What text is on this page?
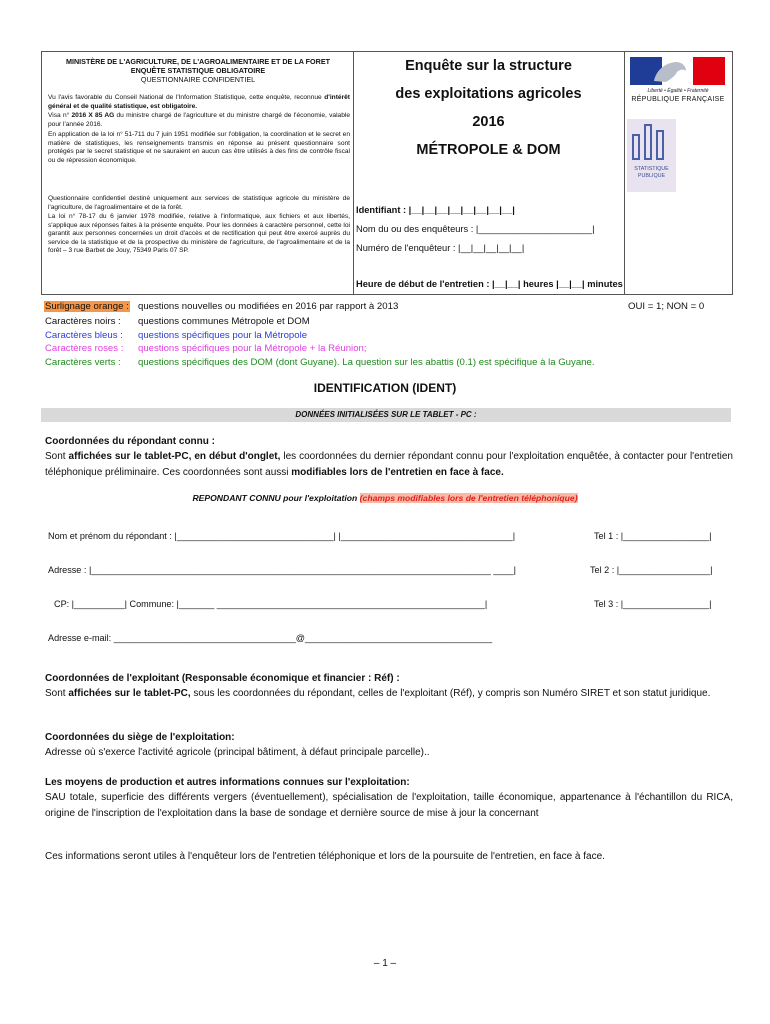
MINISTÈRE DE L'AGRICULTURE, DE L'AGROALIMENTAIRE ET DE LA FORET
ENQUÊTE STATISTIQUE OBLIGATOIRE
QUESTIONNAIRE CONFIDENTIEL
Vu l'avis favorable du Conseil National de l'Information Statistique, cette enquête, reconnue d'intérêt général et de qualité statistique, est obligatoire.
Visa n° 2016 X 85 AG du ministre chargé de l'agriculture et du ministre chargé de l'économie, valable pour l'année 2016.
En application de la loi n° 51-711 du 7 juin 1951 modifiée sur l'obligation, la coordination et le secret en matière de statistiques, les renseignements transmis en réponse au présent questionnaire sont protégés par le secret statistique et ne sauraient en aucun cas être utilisés à des fins de contrôle fiscal ou de répression économique.
Questionnaire confidentiel destiné uniquement aux services de statistique agricole du ministère de l'agriculture, de l'agroalimentaire et de la forêt.
La loi n° 78-17 du 6 janvier 1978 modifiée, relative à l'informatique, aux fichiers et aux libertés, s'applique aux réponses faites à la présente enquête. Pour les données à caractère personnel, cette loi garantit aux personnes concernées un droit d'accès et de rectification qui peut être exercé auprès du service de la statistique et de la prospective du ministère de l'agriculture, de l'agroalimentaire et de la forêt – 3 rue Barbet de Jouy, 75349 Paris 07 SP.
Enquête sur la structure
des exploitations agricoles
2016
MÉTROPOLE & DOM
Liberté • Égalité • Fraternité
RÉPUBLIQUE FRANÇAISE
STATISTIQUE
PUBLIQUE
Identifiant : |__|__|__|__|__|__|__|__|
Nom du ou des enquêteurs : |______________________|
Numéro de l'enquêteur : |__|__|__|__|__|
Heure de début de l'entretien : |__|__| heures |__|__| minutes
Surlignage orange : questions nouvelles ou modifiées en 2016 par rapport à 2013	OUI = 1; NON = 0
Caractères noirs : questions communes Métropole et DOM
Caractères bleus : questions spécifiques pour la Métropole
Caractères roses : questions spécifiques pour la Métropole + la Réunion;
Caractères verts : questions spécifiques des DOM (dont Guyane). La question sur les abattis (0.1) est spécifique à la Guyane.
IDENTIFICATION (IDENT)
DONNÉES INITIALISÉES SUR LE TABLET - PC :
Coordonnées du répondant connu :
Sont affichées sur le tablet-PC, en début d'onglet, les coordonnées du dernier répondant connu pour l'exploitation enquêtée, à contacter pour l'entretien téléphonique préliminaire. Ces coordonnées sont aussi modifiables lors de l'entretien en face à face.
REPONDANT CONNU pour l'exploitation (champs modifiables lors de l'entretien téléphonique)
Nom et prénom du répondant : |_______________________________| |__________________________________|	Tel 1 : |_________________|
Adresse : |_______________________________________________________________________________ ____|	Tel 2 : |__________________|
CP: |__________| Commune: |_______ _____________________________________________________|	Tel 3 : |_________________|
Adresse e-mail: ____________________________________@_____________________________________
Coordonnées de l'exploitant (Responsable économique et financier : Réf) :
Sont affichées sur le tablet-PC, sous les coordonnées du répondant, celles de l'exploitant (Réf), y compris son Numéro SIRET et son statut juridique.
Coordonnées du siège de l'exploitation:
Adresse où s'exerce l'activité agricole (principal bâtiment, à défaut principale parcelle)..
Les moyens de production et autres informations connues sur l'exploitation:
SAU totale, superficie des différents vergers (éventuellement), spécialisation de l'exploitation, taille économique, appartenance à l'échantillon du RICA, origine de l'inscription de l'exploitation dans la base de sondage et dernière source de mise à jour la concernant
Ces informations seront utiles à l'enquêteur lors de l'entretien téléphonique et lors de la poursuite de l'entretien, en face à face.
– 1 –
